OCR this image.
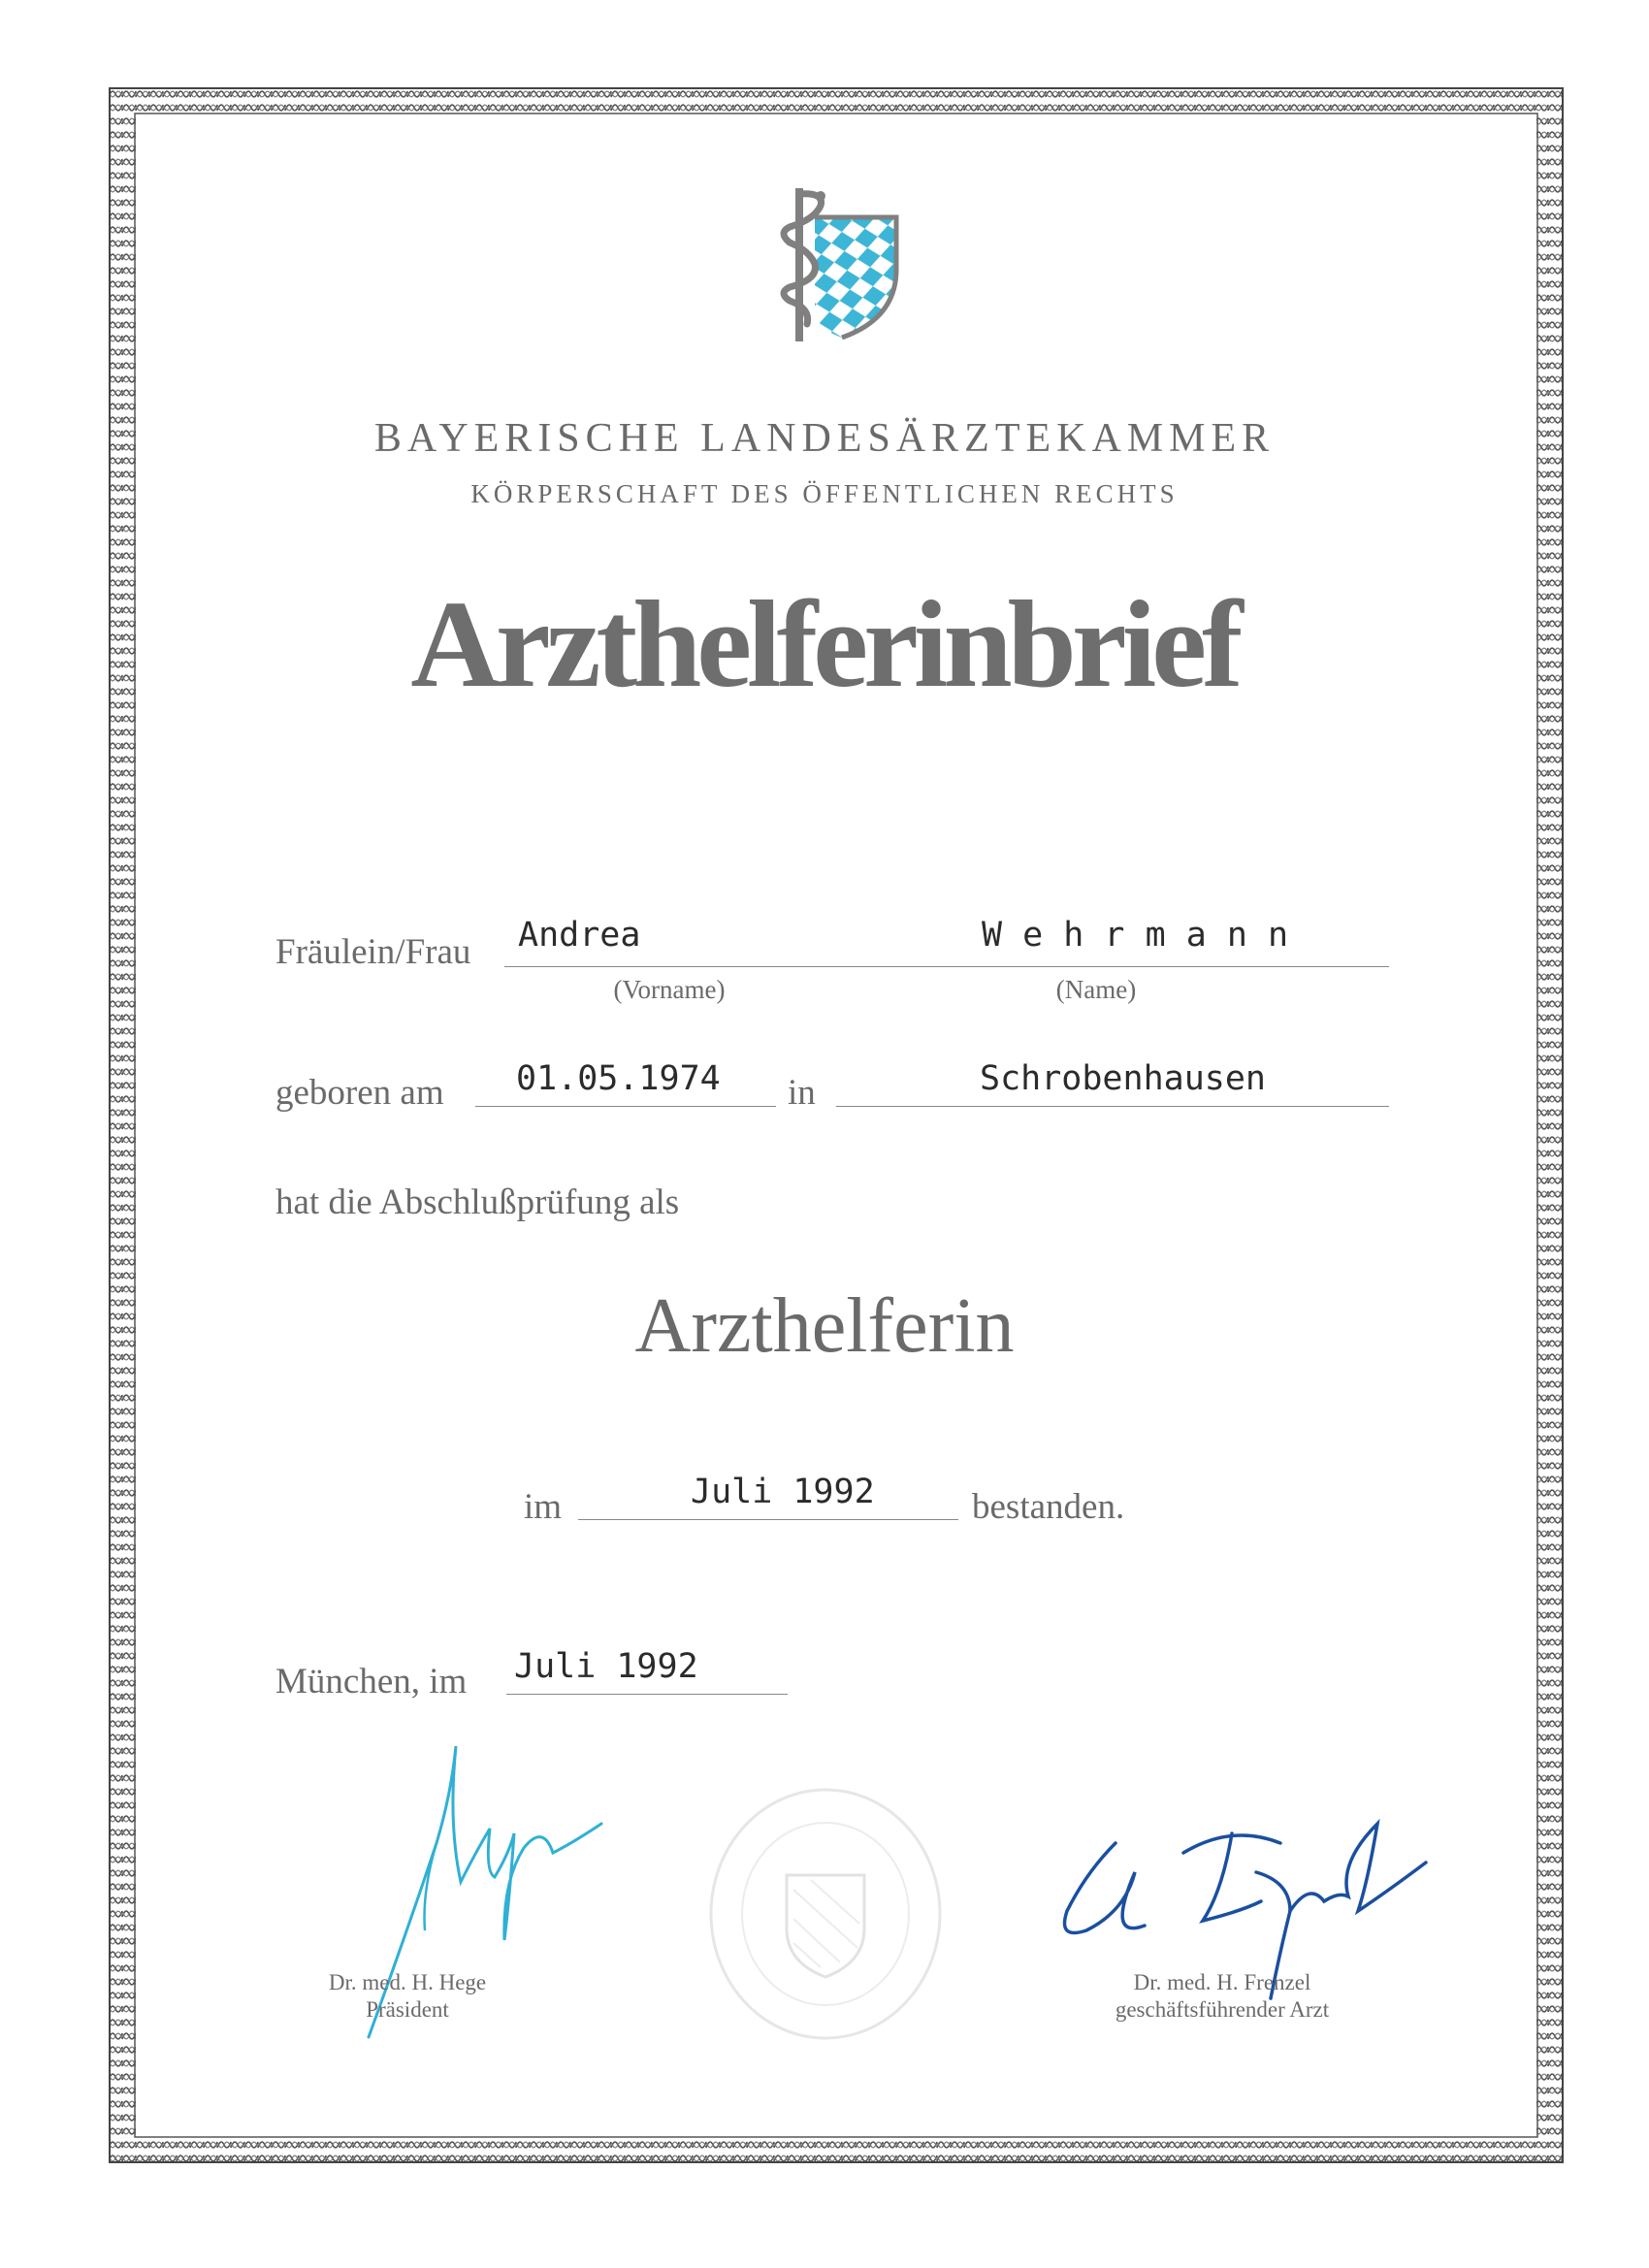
BAYERISCHE LANDESÄRZTEKAMMER
KÖRPERSCHAFT DES ÖFFENTLICHEN RECHTS
Arzthelferinbrief
Fräulein/Frau Andrea	W e h r m a n n
(Vorname)	(Name)
geboren am 01.05.1974 in	Schrobenhausen
hat die Abschlußprüfung als
Arzthelferin
im	Juli 1992	bestanden.
München, im Juli 1992
Dr. med. H. Hege
Präsident
Dr. med. H. Frenzel
geschäftsführender Arzt
